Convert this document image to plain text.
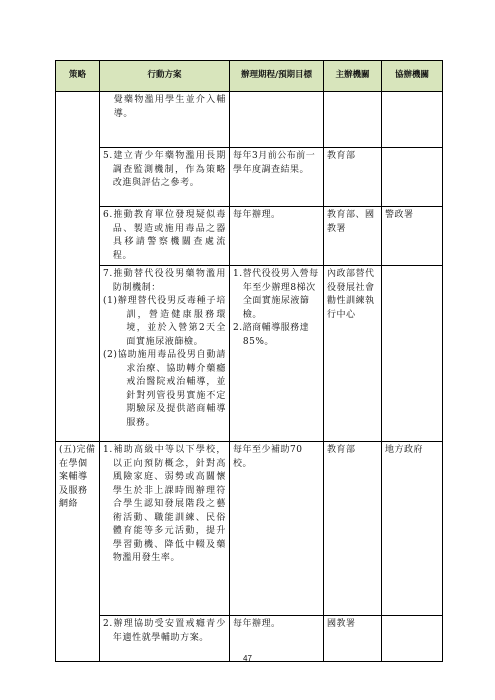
策略	行動方案	辦理期程/預期目標	主辦機關	協辦機關

	覺藥物濫用學生並介入輔導。			

	5.建立青少年藥物濫用長期調查監測機制，作為策略改進與評估之參考。	每年3月前公布前一學年度調查結果。	教育部	

	6.推動教育單位發現疑似毒品、製造或施用毒品之器具移請警察機關查處流程。	每年辦理。	教育部、國教署	警政署

	7.推動替代役役男藥物濫用防制機制：
(1)辦理替代役男反毒種子培訓，營造健康服務環境，並於入營第2天全面實施尿液篩檢。
(2)協助施用毒品役男自動請求治療、協助轉介藥癮戒治醫院戒治輔導，並針對列管役男實施不定期驗尿及提供諮商輔導服務。	1.替代役役男入營每年至少辦理8梯次全面實施尿液篩檢。
2.諮商輔導服務達85%。	內政部替代役發展社會勸性訓練執行中心	
(五)完備在學個案輔導及服務網絡	1.補助高級中等以下學校，以正向預防概念，針對高風險家庭、弱勢或高關懷學生於非上課時間辦理符合學生認知發展階段之藝術活動、職能訓練、民俗體育能等多元活動，提升學習動機、降低中輟及藥物濫用發生率。	每年至少補助70校。	教育部	地方政府

	2.辦理協助受安置戒癮青少年適性就學輔助方案。	每年辦理。	國教署	
47
